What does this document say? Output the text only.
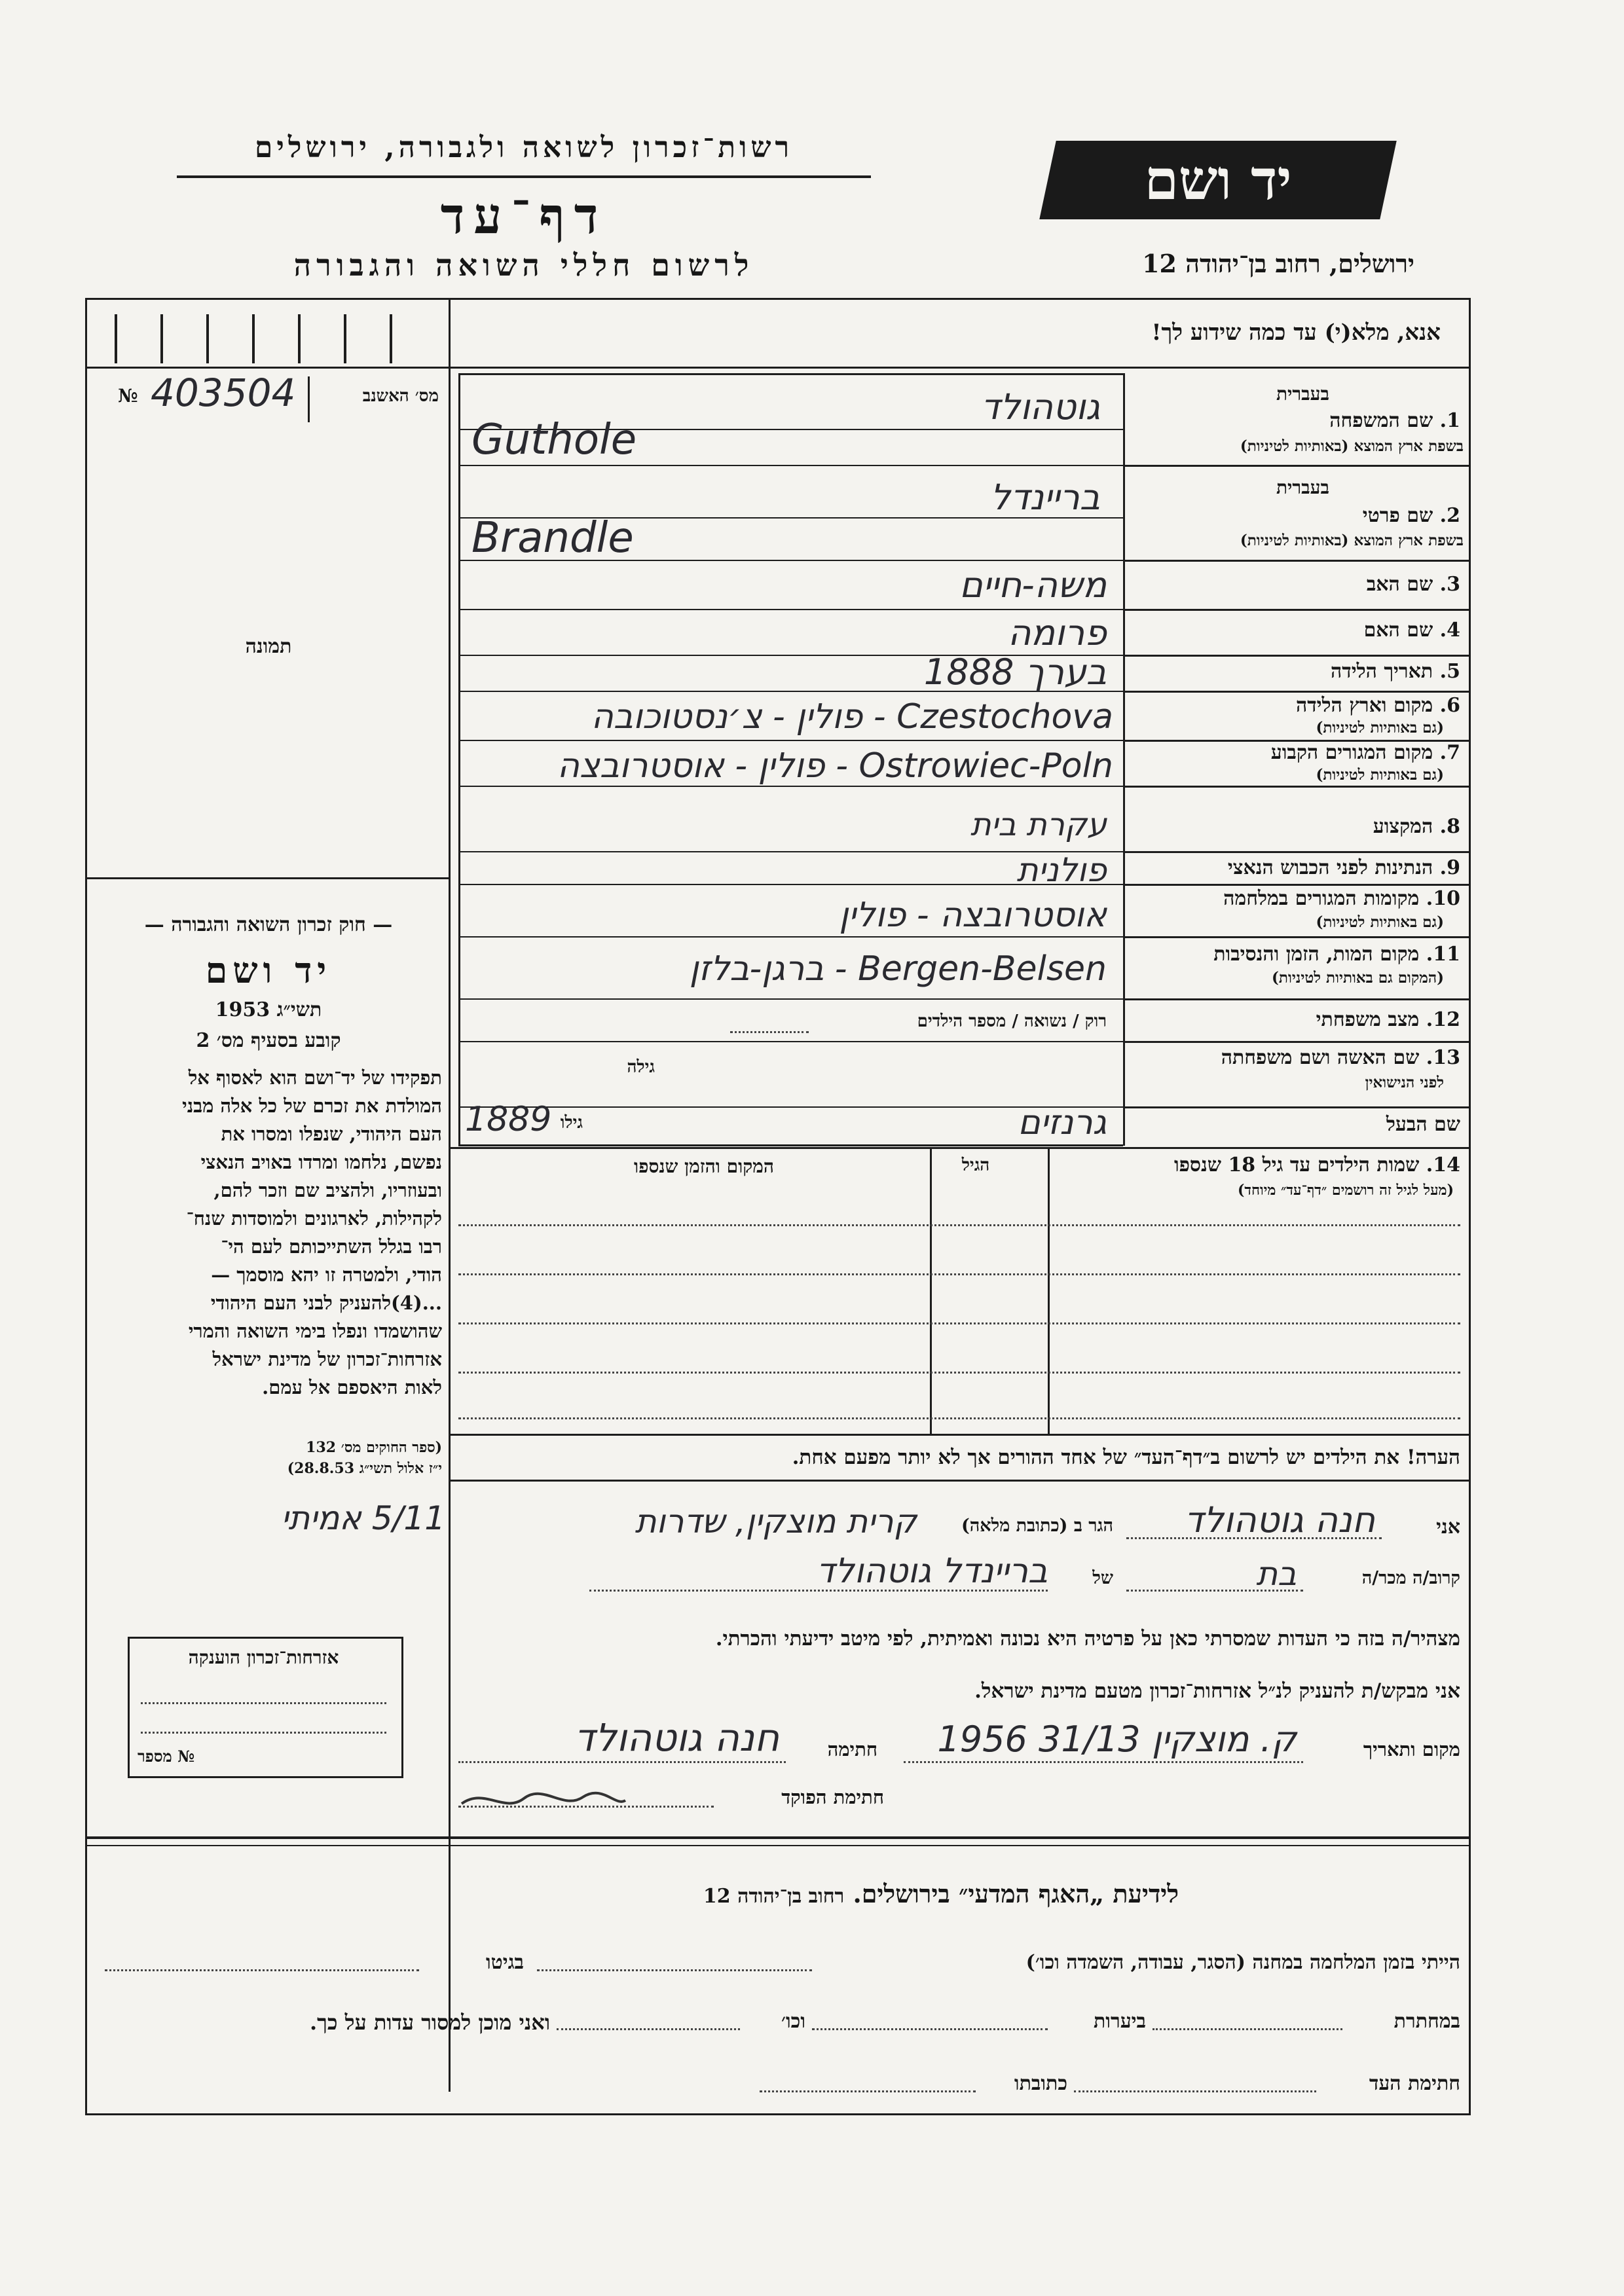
רשות־זכרון לשואה ולגבורה, ירושלים
דף־עד
לרשום חללי השואה והגבורה
יד ושם
ירושלים, רחוב בן־יהודה 12
אנא, מלא(י) עד כמה שידוע לך!
№ 403504	מס׳ האשנב
תמונה
— חוק זכרון השואה והגבורה —
יד ושם
תשי״ג 1953
קובע בסעיף מס׳ 2
תפקידו של יד־ושם הוא לאסוף אל
המולדת את זכרם של כל אלה מבני
העם היהודי, שנפלו ומסרו את
נפשם, נלחמו ומרדו באויב הנאצי
ובעוזריו, ולהציב שם וזכר להם,
לקהילות, לארגונים ולמוסדות שנח־
רבו בגלל השתייכותם לעם הי־
הודי, ולמטרה זו יהא מוסמך —
...(4)להעניק לבני העם היהודי
שהושמדו ונפלו בימי השואה והמרי
אזרחות־זכרון של מדינת ישראל
לאות היאספם אל עמם.
(ספר החוקים מס׳ 132
י״ז אלול תשי״ג 28.8.53)
בעברית
1. שם המשפחה
בשפת ארץ המוצא (באותיות לטיניות)
גוטהולד
Guthole
בעברית
2. שם פרטי
בשפת ארץ המוצא (באותיות לטיניות)
בריינדל
Brandle
3. שם האב
משה-חיים
4. שם האם
פרומה
5. תאריך הלידה
בערך 1888
6. מקום וארץ הלידה
(גם באותיות לטיניות)
Czestochova - פולין - צ׳נסטוכובה
7. מקום המגורים הקבוע
(גם באותיות לטיניות)
Ostrowiec-Poln - פולין - אוסטרובצה
8. המקצוע
עקרת בית
9. הנתינות לפני הכבוש הנאצי
פולנית
10. מקומות המגורים במלחמה
(גם באותיות לטיניות)
אוסטרובצה - פולין
11. מקום המות, הזמן והנסיבות
(המקום גם באותיות לטיניות)
Bergen-Belsen - ברגן-בלזן
12. מצב משפחתי
רוק / נשואה / מספר הילדים
13. שם האשה ושם משפחתה
לפני הנישואין
גילה
שם הבעל
גרנזים
גילו
1889
14. שמות הילדים עד גיל 18 שנספו
(מעל לגיל זה רושמים ״דף־עד״ מיוחד)
הגיל
המקום והזמן שנספו
הערה! את הילדים יש לרשום ב״דף־העד״ של אחד ההורים אך לא יותר מפעם אחת.
אני
חנה גוטהולד
הגר ב (כתובת מלאה)
קרית מוצקין, שדרות
5/11 אמיתי
קרוב/ה מכר/ה
בת
של
בריינדל גוטהולד
מצהיר/ה בזה כי העדות שמסרתי כאן על פרטיה היא נכונה ואמיתית, לפי מיטב ידיעתי והכרתי.
אני מבקש/ת להעניק לנ״ל אזרחות־זכרון מטעם מדינת ישראל.
מקום ותאריך
ק. מוצקין 31/13 1956
חתימה
חנה גוטהולד
חתימת הפוקד
אזרחות־זכרון הוענקה
№ מספר
לידיעת „האגף המדעי״ בירושלים. רחוב בן־יהודה 12
הייתי בזמן המלחמה במחנה (הסגר, עבודה, השמדה וכו׳)
בגיטו
במחתרת
ביערות
וכו׳
ואני מוכן למסור עדות על כך.
חתימת העד
כתובתו
